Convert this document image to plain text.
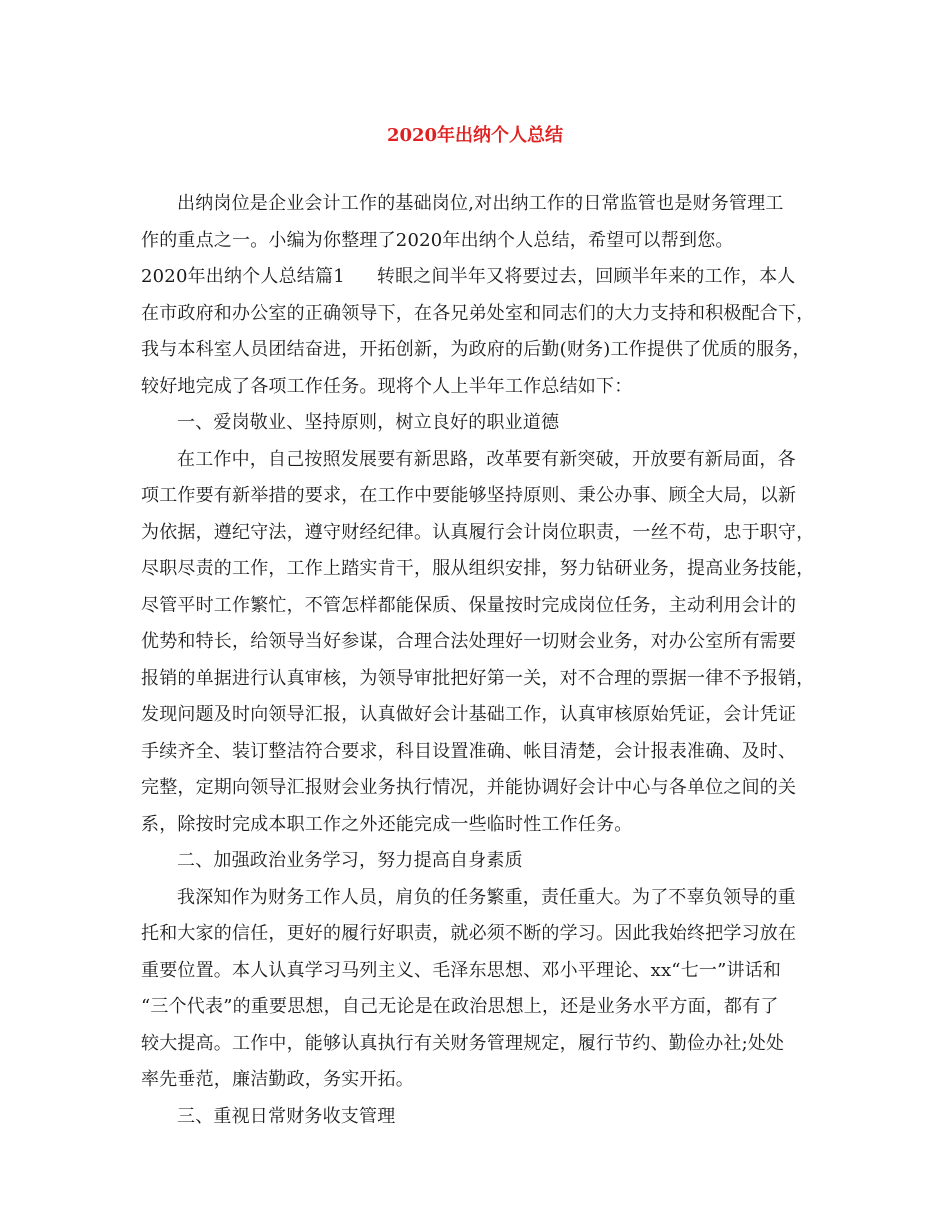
2020年出纳个人总结
出纳岗位是企业会计工作的基础岗位,对出纳工作的日常监管也是财务管理工
作的重点之一。小编为你整理了2020年出纳个人总结，希望可以帮到您。
2020年出纳个人总结篇1 转眼之间半年又将要过去，回顾半年来的工作，本人
在市政府和办公室的正确领导下，在各兄弟处室和同志们的大力支持和积极配合下，
我与本科室人员团结奋进，开拓创新，为政府的后勤(财务)工作提供了优质的服务，
较好地完成了各项工作任务。现将个人上半年工作总结如下：
一、爱岗敬业、坚持原则，树立良好的职业道德
在工作中，自己按照发展要有新思路，改革要有新突破，开放要有新局面，各
项工作要有新举措的要求，在工作中要能够坚持原则、秉公办事、顾全大局，以新
为依据，遵纪守法，遵守财经纪律。认真履行会计岗位职责，一丝不苟，忠于职守，
尽职尽责的工作，工作上踏实肯干，服从组织安排，努力钻研业务，提高业务技能，
尽管平时工作繁忙，不管怎样都能保质、保量按时完成岗位任务，主动利用会计的
优势和特长，给领导当好参谋，合理合法处理好一切财会业务，对办公室所有需要
报销的单据进行认真审核，为领导审批把好第一关，对不合理的票据一律不予报销，
发现问题及时向领导汇报，认真做好会计基础工作，认真审核原始凭证，会计凭证
手续齐全、装订整洁符合要求，科目设置准确、帐目清楚，会计报表准确、及时、
完整，定期向领导汇报财会业务执行情况，并能协调好会计中心与各单位之间的关
系，除按时完成本职工作之外还能完成一些临时性工作任务。
二、加强政治业务学习，努力提高自身素质
我深知作为财务工作人员，肩负的任务繁重，责任重大。为了不辜负领导的重
托和大家的信任，更好的履行好职责，就必须不断的学习。因此我始终把学习放在
重要位置。本人认真学习马列主义、毛泽东思想、邓小平理论、xx“七一”讲话和
“三个代表”的重要思想，自己无论是在政治思想上，还是业务水平方面，都有了
较大提高。工作中，能够认真执行有关财务管理规定，履行节约、勤俭办社;处处
率先垂范，廉洁勤政，务实开拓。
三、重视日常财务收支管理
